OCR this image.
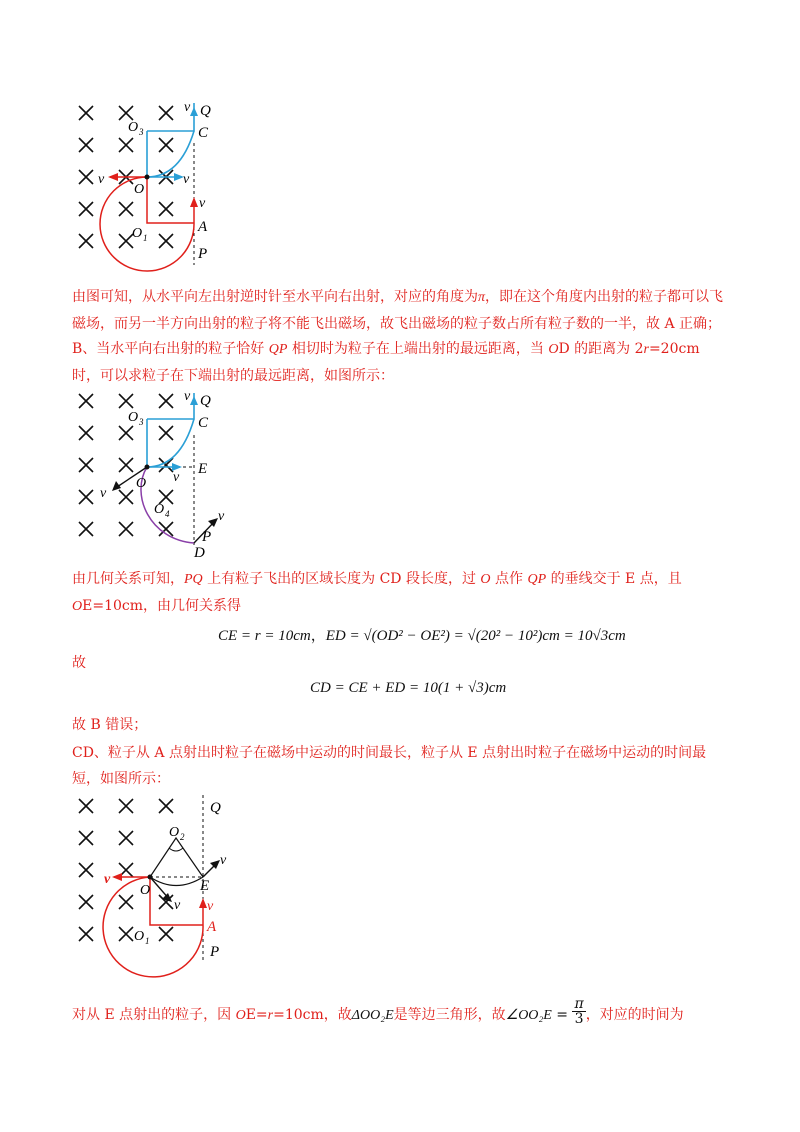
v Q
C
O 3
v
O
v
v
A
O 1
P
由图可知，从水平向左出射逆时针至水平向右出射，对应的角度为π，即在这个角度内出射的粒子都可以飞磁场，而另一半方向出射的粒子将不能飞出磁场，故飞出磁场的粒子数占所有粒子数的一半，故 A 正确；
B、当水平向右出射的粒子恰好 QP 相切时为粒子在上端出射的最远距离，当 OD 的距离为 2r=20cm 时，可以求粒子在下端出射的最远距离，如图所示：
v Q
C
O 3
E
v
O
v
O 4	v
P
D
由几何关系可知，PQ 上有粒子飞出的区域长度为 CD 段长度，过 O 点作 QP 的垂线交于 E 点，且
OE=10cm，由几何关系得
CE = r = 10cm，ED = √(OD² − OE²) = √(20² − 10²)cm = 10√3cm
故
CD = CE + ED = 10(1 + √3)cm
故 B 错误；
CD、粒子从 A 点射出时粒子在磁场中运动的时间最长，粒子从 E 点射出时粒子在磁场中运动的时间最短，如图所示：
Q
O 2
v
v
O	E
v v
A
O 1
P
对从 E 点射出的粒子，因 OE=r=10cm，故ΔOO₂E是等边三角形，故∠OO₂E = $\frac{\pi}{3}$ ，对应的时间为
